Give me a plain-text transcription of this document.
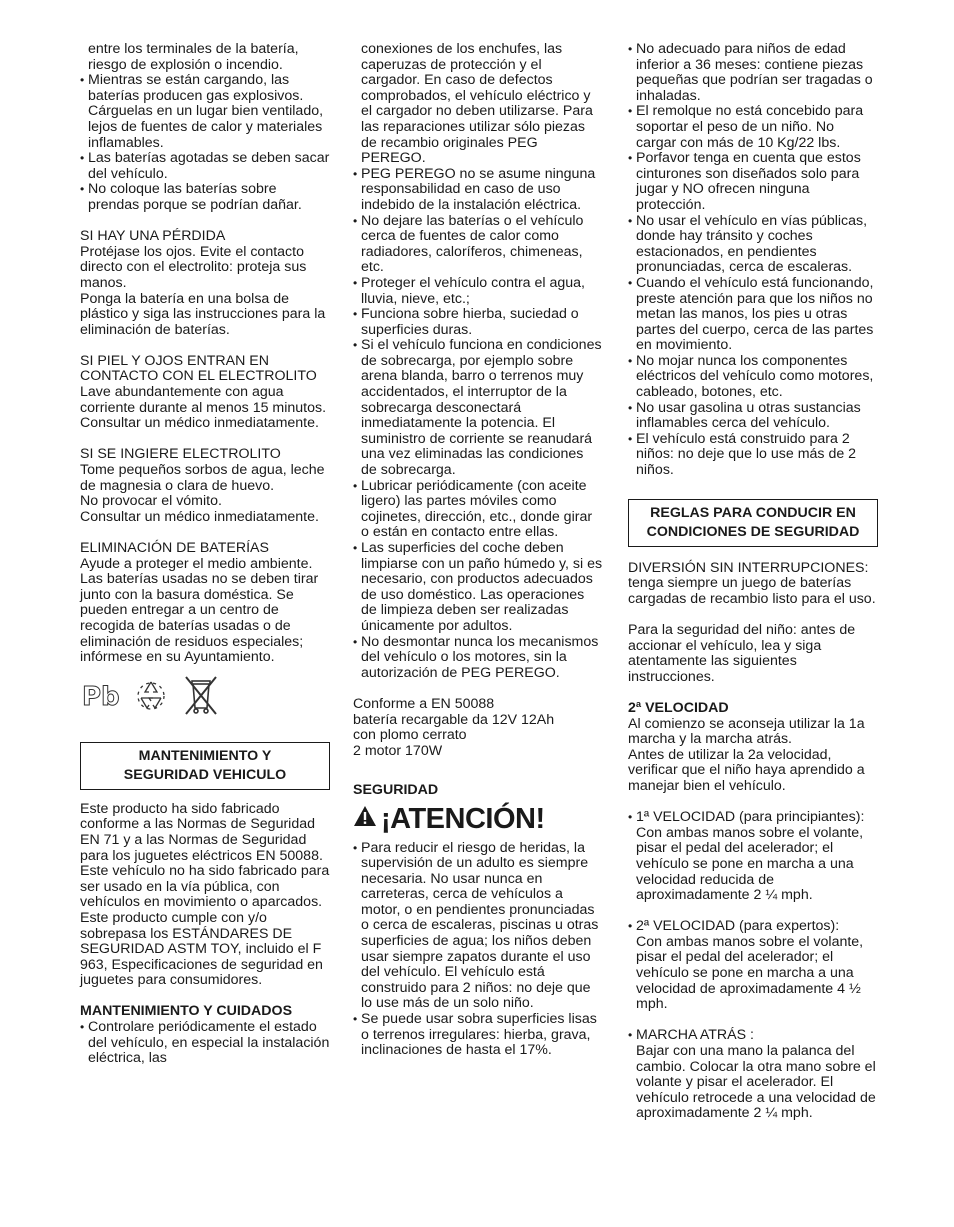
entre los terminales de la batería,

riesgo de explosión o incendio.

• Mientras se están cargando, las baterías producen gas explosivos. Cárguelas en un lugar bien ventilado, lejos de fuentes de calor y materiales inflamables.
• Las baterías agotadas se deben sacar del vehículo.
• No coloque las baterías sobre prendas porque se podrían dañar.

SI HAY UNA PÉRDIDA

Protéjase los ojos. Evite el contacto directo con el electrolito: proteja sus manos.

Ponga la batería en una bolsa de plástico y siga las instrucciones para la eliminación de baterías.

SI PIEL Y OJOS ENTRAN EN CONTACTO CON EL ELECTROLITO

Lave abundantemente con agua corriente durante al menos 15 minutos.

Consultar un médico inmediatamente.

SI SE INGIERE ELECTROLITO

Tome pequeños sorbos de agua, leche de magnesia o clara de huevo.

No provocar el vómito.

Consultar un médico inmediatamente.

ELIMINACIÓN DE BATERÍAS

Ayude a proteger el medio ambiente.

Las baterías usadas no se deben tirar junto con la basura doméstica. Se pueden entregar a un centro de recogida de baterías usadas o de eliminación de residuos especiales; infórmese en su Ayuntamiento.

Pb
MANTENIMIENTO Y
SEGURIDAD VEHICULO

Este producto ha sido fabricado conforme a las Normas de Seguridad EN 71 y a las Normas de Seguridad para los juguetes eléctricos EN 50088.

Este vehículo no ha sido fabricado para ser usado en la vía pública, con vehículos en movimiento o aparcados.

Este producto cumple con y/o sobrepasa los ESTÁNDARES DE SEGURIDAD ASTM TOY, incluido el F 963, Especificaciones de seguridad en juguetes para consumidores.

MANTENIMIENTO Y CUIDADOS

• Controlare periódicamente el estado del vehículo, en especial la instalación eléctrica, las

conexiones de los enchufes, las caperuzas de protección y el cargador. En caso de defectos comprobados, el vehículo eléctrico y el cargador no deben utilizarse. Para las reparaciones utilizar sólo piezas de recambio originales PEG PEREGO.

• PEG PEREGO no se asume ninguna responsabilidad en caso de uso indebido de la instalación eléctrica.
• No dejare las baterías o el vehículo cerca de fuentes de calor como radiadores, caloríferos, chimeneas, etc.
• Proteger el vehículo contra el agua, lluvia, nieve, etc.;
• Funciona sobre hierba, suciedad o superficies duras.
• Si el vehículo funciona en condiciones de sobrecarga, por ejemplo sobre arena blanda, barro o terrenos muy accidentados, el interruptor de la sobrecarga desconectará inmediatamente la potencia. El suministro de corriente se reanudará una vez eliminadas las condiciones de sobrecarga.
• Lubricar periódicamente (con aceite ligero) las partes móviles como cojinetes, dirección, etc., donde girar o están en contacto entre ellas.
• Las superficies del coche deben limpiarse con un paño húmedo y, si es necesario, con productos adecuados de uso doméstico. Las operaciones de limpieza deben ser realizadas únicamente por adultos.
• No desmontar nunca los mecanismos del vehículo o los motores, sin la autorización de PEG PEREGO.

Conforme a EN 50088

batería recargable da 12V 12Ah

con plomo cerrato

2 motor 170W

SEGURIDAD

¡ATENCIÓN!
• Para reducir el riesgo de heridas, la supervisión de un adulto es siempre necesaria. No usar nunca en carreteras, cerca de vehículos a motor, o en pendientes pronunciadas o cerca de escaleras, piscinas u otras superficies de agua; los niños deben usar siempre zapatos durante el uso del vehículo. El vehículo está construido para 2 niños: no deje que lo use más de un solo niño.
• Se puede usar sobra superficies lisas o terrenos irregulares: hierba, grava, inclinaciones de hasta el 17%.
• No adecuado para niños de edad inferior a 36 meses: contiene piezas pequeñas que podrían ser tragadas o inhaladas.
• El remolque no está concebido para soportar el peso de un niño. No cargar con más de 10 Kg/22 lbs.
• Porfavor tenga en cuenta que estos cinturones son diseñados solo para jugar y NO ofrecen ninguna protección.
• No usar el vehículo en vías públicas, donde hay tránsito y coches estacionados, en pendientes pronunciadas, cerca de escaleras.
• Cuando el vehículo está funcionando, preste atención para que los niños no metan las manos, los pies u otras partes del cuerpo, cerca de las partes en movimiento.
• No mojar nunca los componentes eléctricos del vehículo como motores, cableado, botones, etc.
• No usar gasolina u otras sustancias inflamables cerca del vehículo.
• El vehículo está construido para 2 niños: no deje que lo use más de 2 niños.
REGLAS PARA CONDUCIR EN
CONDICIONES DE SEGURIDAD

DIVERSIÓN SIN INTERRUPCIONES: tenga siempre un juego de baterías cargadas de recambio listo para el uso.

Para la seguridad del niño: antes de accionar el vehículo, lea y siga atentamente las siguientes instrucciones.

2ª VELOCIDAD

Al comienzo se aconseja utilizar la 1a marcha y la marcha atrás.

Antes de utilizar la 2a velocidad, verificar que el niño haya aprendido a manejar bien el vehículo.

• 1ª VELOCIDAD (para principiantes):
Con ambas manos sobre el volante, pisar el pedal del acelerador; el vehículo se pone en marcha a una velocidad reducida de aproximadamente 2 ¼ mph.
• 2ª VELOCIDAD (para expertos):
Con ambas manos sobre el volante, pisar el pedal del acelerador; el vehículo se pone en marcha a una velocidad de aproximadamente 4 ½ mph.
• MARCHA ATRÁS :
Bajar con una mano la palanca del cambio. Colocar la otra mano sobre el volante y pisar el acelerador. El vehículo retrocede a una velocidad de aproximadamente 2 ¼ mph.
